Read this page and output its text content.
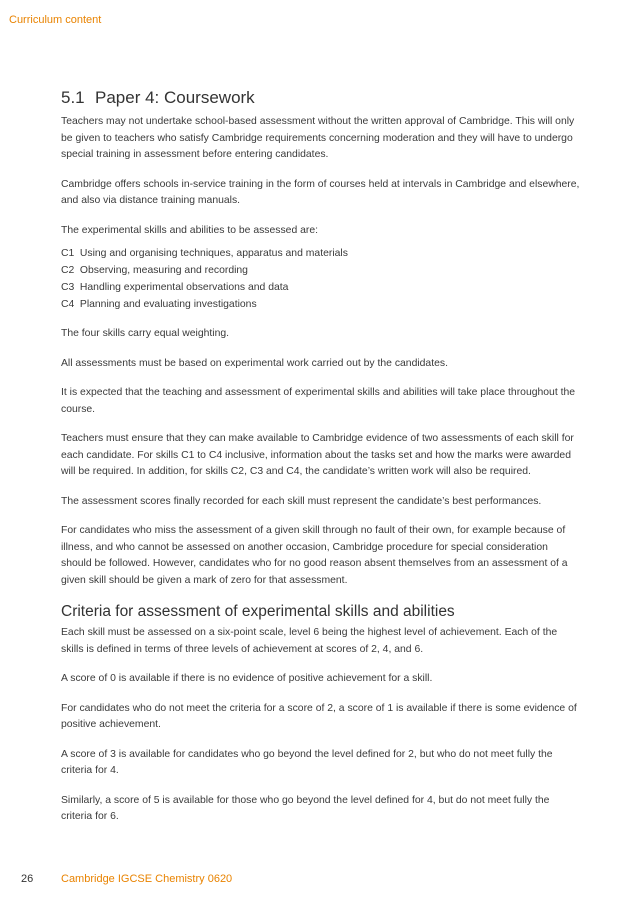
Curriculum content
5.1 Paper 4: Coursework

Teachers may not undertake school-based assessment without the written approval of Cambridge. This will only be given to teachers who satisfy Cambridge requirements concerning moderation and they will have to undergo special training in assessment before entering candidates.

Cambridge offers schools in-service training in the form of courses held at intervals in Cambridge and elsewhere, and also via distance training manuals.

The experimental skills and abilities to be assessed are:

C1 Using and organising techniques, apparatus and materials
C2 Observing, measuring and recording
C3 Handling experimental observations and data
C4 Planning and evaluating investigations

The four skills carry equal weighting.

All assessments must be based on experimental work carried out by the candidates.

It is expected that the teaching and assessment of experimental skills and abilities will take place throughout the course.

Teachers must ensure that they can make available to Cambridge evidence of two assessments of each skill for each candidate. For skills C1 to C4 inclusive, information about the tasks set and how the marks were awarded will be required. In addition, for skills C2, C3 and C4, the candidate’s written work will also be required.

The assessment scores finally recorded for each skill must represent the candidate’s best performances.

For candidates who miss the assessment of a given skill through no fault of their own, for example because of illness, and who cannot be assessed on another occasion, Cambridge procedure for special consideration should be followed. However, candidates who for no good reason absent themselves from an assessment of a given skill should be given a mark of zero for that assessment.

Criteria for assessment of experimental skills and abilities

Each skill must be assessed on a six-point scale, level 6 being the highest level of achievement. Each of the skills is defined in terms of three levels of achievement at scores of 2, 4, and 6.

A score of 0 is available if there is no evidence of positive achievement for a skill.

For candidates who do not meet the criteria for a score of 2, a score of 1 is available if there is some evidence of positive achievement.

A score of 3 is available for candidates who go beyond the level defined for 2, but who do not meet fully the criteria for 4.

Similarly, a score of 5 is available for those who go beyond the level defined for 4, but do not meet fully the criteria for 6.

26	Cambridge IGCSE Chemistry 0620
